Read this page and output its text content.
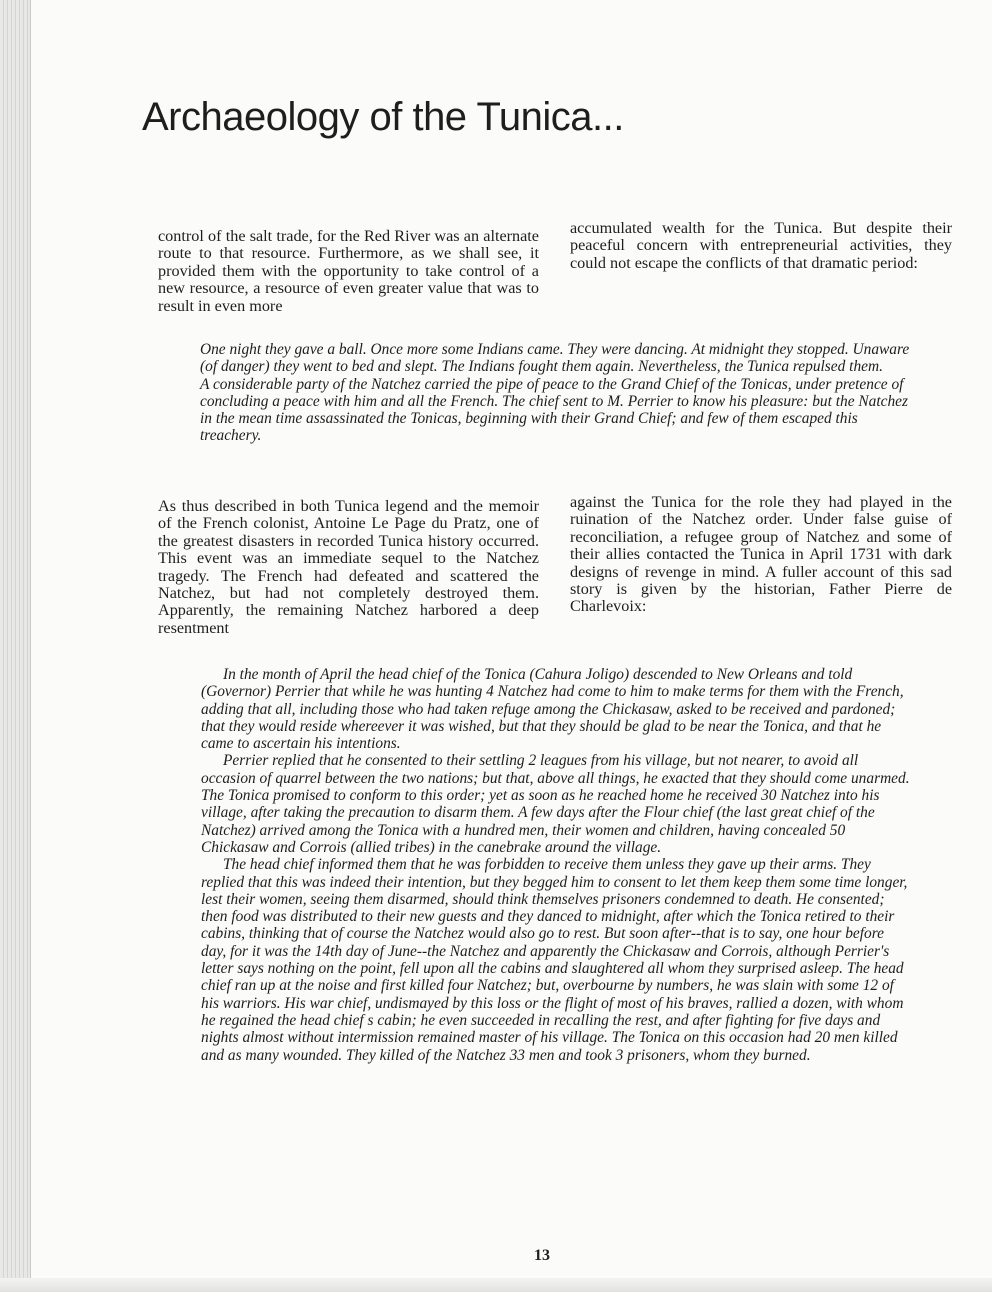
Archaeology of the Tunica...

control of the salt trade, for the Red River was an alternate route to that resource. Furthermore, as we shall see, it provided them with the opportunity to take control of a new resource, a resource of even greater value that was to result in even more

accumulated wealth for the Tunica. But despite their peaceful concern with entrepreneurial activities, they could not escape the conflicts of that dramatic period:

One night they gave a ball. Once more some Indians came. They were dancing. At midnight they stopped. Unaware (of danger) they went to bed and slept. The Indians fought them again. Nevertheless, the Tunica repulsed them.

A considerable party of the Natchez carried the pipe of peace to the Grand Chief of the Tonicas, under pretence of concluding a peace with him and all the French. The chief sent to M. Perrier to know his pleasure: but the Natchez in the mean time assassinated the Tonicas, beginning with their Grand Chief; and few of them escaped this treachery.

As thus described in both Tunica legend and the memoir of the French colonist, Antoine Le Page du Pratz, one of the greatest disasters in recorded Tunica history occurred. This event was an immediate sequel to the Natchez tragedy. The French had defeated and scattered the Natchez, but had not completely destroyed them. Apparently, the remaining Natchez harbored a deep resentment

against the Tunica for the role they had played in the ruination of the Natchez order. Under false guise of reconciliation, a refugee group of Natchez and some of their allies contacted the Tunica in April 1731 with dark designs of revenge in mind. A fuller account of this sad story is given by the historian, Father Pierre de Charlevoix:

In the month of April the head chief of the Tonica (Cahura Joligo) descended to New Orleans and told (Governor) Perrier that while he was hunting 4 Natchez had come to him to make terms for them with the French, adding that all, including those who had taken refuge among the Chickasaw, asked to be received and pardoned; that they would reside whereever it was wished, but that they should be glad to be near the Tonica, and that he came to ascertain his intentions.

Perrier replied that he consented to their settling 2 leagues from his village, but not nearer, to avoid all occasion of quarrel between the two nations; but that, above all things, he exacted that they should come unarmed. The Tonica promised to conform to this order; yet as soon as he reached home he received 30 Natchez into his village, after taking the precaution to disarm them. A few days after the Flour chief (the last great chief of the Natchez) arrived among the Tonica with a hundred men, their women and children, having concealed 50 Chickasaw and Corrois (allied tribes) in the canebrake around the village.

The head chief informed them that he was forbidden to receive them unless they gave up their arms. They replied that this was indeed their intention, but they begged him to consent to let them keep them some time longer, lest their women, seeing them disarmed, should think themselves prisoners condemned to death. He consented; then food was distributed to their new guests and they danced to midnight, after which the Tonica retired to their cabins, thinking that of course the Natchez would also go to rest. But soon after--that is to say, one hour before day, for it was the 14th day of June--the Natchez and apparently the Chickasaw and Corrois, although Perrier's letter says nothing on the point, fell upon all the cabins and slaughtered all whom they surprised asleep. The head chief ran up at the noise and first killed four Natchez; but, overbourne by numbers, he was slain with some 12 of his warriors. His war chief, undismayed by this loss or the flight of most of his braves, rallied a dozen, with whom he regained the head chief s cabin; he even succeeded in recalling the rest, and after fighting for five days and nights almost without intermission remained master of his village. The Tonica on this occasion had 20 men killed and as many wounded. They killed of the Natchez 33 men and took 3 prisoners, whom they burned.

13
